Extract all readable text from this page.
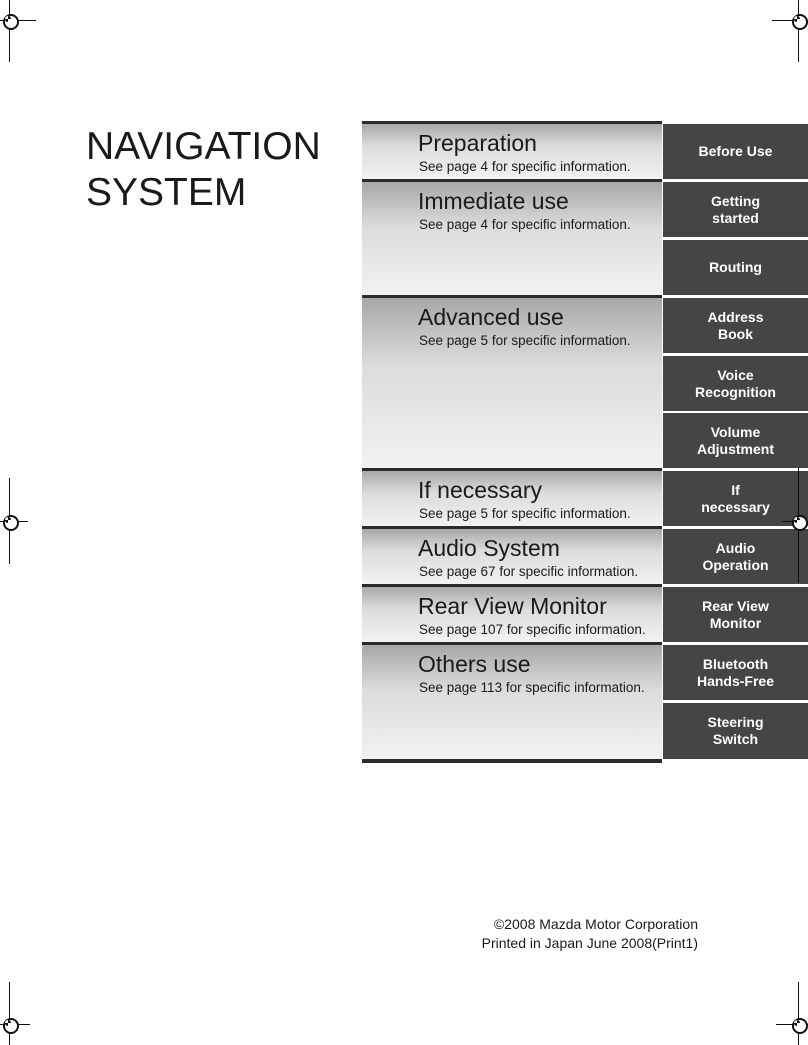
NAVIGATION
SYSTEM
Preparation
See page 4 for specific information.
Immediate use
See page 4 for specific information.
Advanced use
See page 5 for specific information.
If necessary
See page 5 for specific information.
Audio System
See page 67 for specific information.
Rear View Monitor
See page 107 for specific information.
Others use
See page 113 for specific information.
Before Use
Getting
started
Routing
Address
Book
Voice
Recognition
Volume
Adjustment
If
necessary
Audio
Operation
Rear View
Monitor
Bluetooth
Hands-Free
Steering
Switch
©2008 Mazda Motor Corporation
Printed in Japan June 2008(Print1)
